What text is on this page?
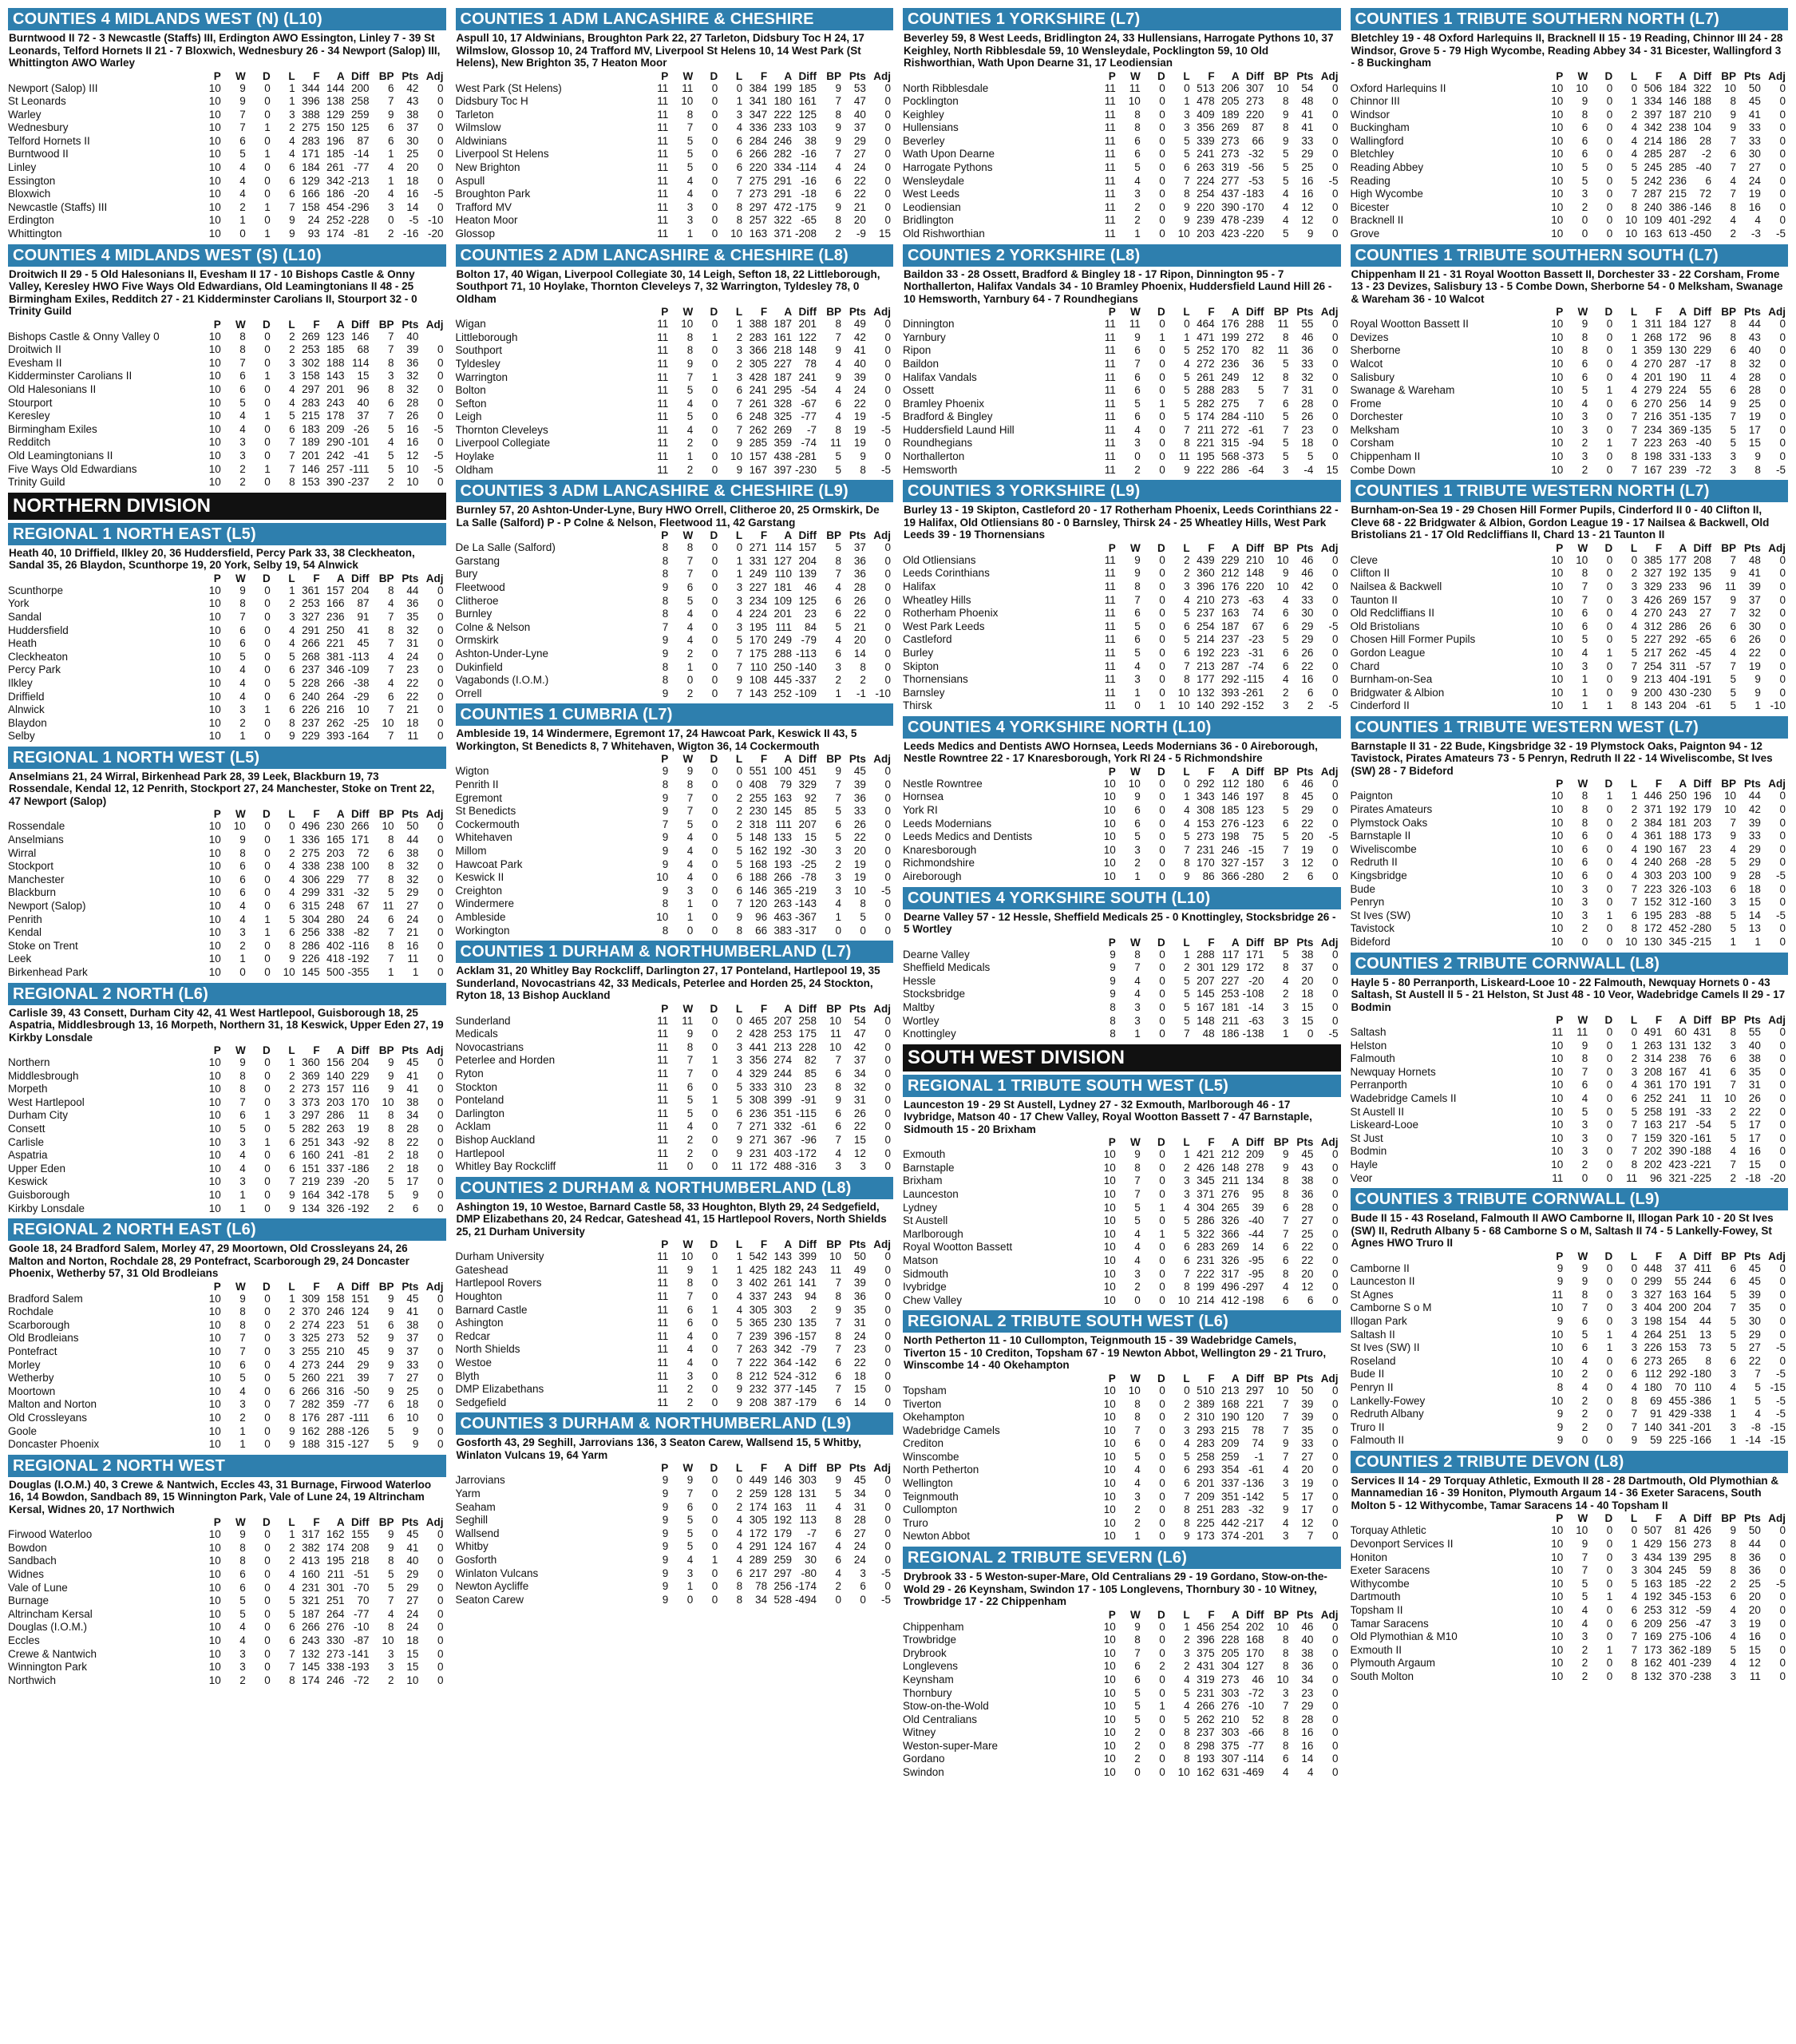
COUNTIES 4 MIDLANDS WEST (N) (L10)
Burntwood II 72 - 3 Newcastle (Staffs) III, Erdington AWO Essington, Linley 7 - 39 St Leonards, Telford Hornets II 21 - 7 Bloxwich, Wednesbury 26 - 34 Newport (Salop) III, Whittington AWO Warley
	P	W	D	L	F	A	Diff	BP	Pts	Adj
Newport (Salop) III	10	9	0	1	344	144	200	6	42	0
St Leonards	10	9	0	1	396	138	258	7	43	0
Warley	10	7	0	3	388	129	259	9	38	0
Wednesbury	10	7	1	2	275	150	125	6	37	0
Telford Hornets II	10	6	0	4	283	196	87	6	30	0
Burntwood II	10	5	1	4	171	185	-14	1	25	0
Linley	10	4	0	6	184	261	-77	4	20	0
Essington	10	4	0	6	129	342	-213	1	18	0
Bloxwich	10	4	0	6	166	186	-20	4	16	-5
Newcastle (Staffs) III	10	2	1	7	158	454	-296	3	14	0
Erdington	10	1	0	9	24	252	-228	0	-5	-10
Whittington	10	0	1	9	93	174	-81	2	-16	-20
COUNTIES 4 MIDLANDS WEST (S) (L10)
Droitwich II 29 - 5 Old Halesonians II, Evesham II 17 - 10 Bishops Castle & Onny Valley, Keresley HWO Five Ways Old Edwardians, Old Leamingtonians II 48 - 25 Birmingham Exiles, Redditch 27 - 21 Kidderminster Carolians II, Stourport 32 - 0 Trinity Guild
	P	W	D	L	F	A	Diff	BP	Pts	Adj
Bishops Castle & Onny Valley 0	10	8	0	2	269	123	146	7	40	
Droitwich II	10	8	0	2	253	185	68	7	39	0
Evesham II	10	7	0	3	302	188	114	8	36	0
Kidderminster Carolians II	10	6	1	3	158	143	15	3	32	0
Old Halesonians II	10	6	0	4	297	201	96	8	32	0
Stourport	10	5	0	4	283	243	40	6	28	0
Keresley	10	4	1	5	215	178	37	7	26	0
Birmingham Exiles	10	4	0	6	183	209	-26	5	16	-5
Redditch	10	3	0	7	189	290	-101	4	16	0
Old Leamingtonians II	10	3	0	7	201	242	-41	5	12	-5
Five Ways Old Edwardians	10	2	1	7	146	257	-111	5	10	-5
Trinity Guild	10	2	0	8	153	390	-237	2	10	0
NORTHERN DIVISION
REGIONAL 1 NORTH EAST (L5)
Heath 40, 10 Driffield, Ilkley 20, 36 Huddersfield, Percy Park 33, 38 Cleckheaton, Sandal 35, 26 Blaydon, Scunthorpe 19, 20 York, Selby 19, 54 Alnwick
	P	W	D	L	F	A	Diff	BP	Pts	Adj
Scunthorpe	10	9	0	1	361	157	204	8	44	0
York	10	8	0	2	253	166	87	4	36	0
Sandal	10	7	0	3	327	236	91	7	35	0
Huddersfield	10	6	0	4	291	250	41	8	32	0
Heath	10	6	0	4	266	221	45	7	31	0
Cleckheaton	10	5	0	5	268	381	-113	4	24	0
Percy Park	10	4	0	6	237	346	-109	7	23	0
Ilkley	10	4	0	5	228	266	-38	4	22	0
Driffield	10	4	0	6	240	264	-29	6	22	0
Alnwick	10	3	1	6	226	216	10	7	21	0
Blaydon	10	2	0	8	237	262	-25	10	18	0
Selby	10	1	0	9	229	393	-164	7	11	0
REGIONAL 1 NORTH WEST (L5)
Anselmians 21, 24 Wirral, Birkenhead Park 28, 39 Leek, Blackburn 19, 73 Rossendale, Kendal 12, 12 Penrith, Stockport 27, 24 Manchester, Stoke on Trent 22, 47 Newport (Salop)
	P	W	D	L	F	A	Diff	BP	Pts	Adj
Rossendale	10	10	0	0	496	230	266	10	50	0
Anselmians	10	9	0	1	336	165	171	8	44	0
Wirral	10	8	0	2	275	203	72	6	38	0
Stockport	10	6	0	4	338	238	100	8	32	0
Manchester	10	6	0	4	306	229	77	8	32	0
Blackburn	10	6	0	4	299	331	-32	5	29	0
Newport (Salop)	10	4	0	6	315	248	67	11	27	0
Penrith	10	4	1	5	304	280	24	6	24	0
Kendal	10	3	1	6	256	338	-82	7	21	0
Stoke on Trent	10	2	0	8	286	402	-116	8	16	0
Leek	10	1	0	9	226	418	-192	7	11	0
Birkenhead Park	10	0	0	10	145	500	-355	1	1	0
REGIONAL 2 NORTH (L6)
Carlisle 39, 43 Consett, Durham City 42, 41 West Hartlepool, Guisborough 18, 25 Aspatria, Middlesbrough 13, 16 Morpeth, Northern 31, 18 Keswick, Upper Eden 27, 19 Kirkby Lonsdale
	P	W	D	L	F	A	Diff	BP	Pts	Adj
Northern	10	9	0	1	360	156	204	9	45	0
Middlesbrough	10	8	0	2	369	140	229	9	41	0
Morpeth	10	8	0	2	273	157	116	9	41	0
West Hartlepool	10	7	0	3	373	203	170	10	38	0
Durham City	10	6	1	3	297	286	11	8	34	0
Consett	10	5	0	5	282	263	19	8	28	0
Carlisle	10	3	1	6	251	343	-92	8	22	0
Aspatria	10	4	0	6	160	241	-81	2	18	0
Upper Eden	10	4	0	6	151	337	-186	2	18	0
Keswick	10	3	0	7	219	239	-20	5	17	0
Guisborough	10	1	0	9	164	342	-178	5	9	0
Kirkby Lonsdale	10	1	0	9	134	326	-192	2	6	0
REGIONAL 2 NORTH EAST (L6)
Goole 18, 24 Bradford Salem, Morley 47, 29 Moortown, Old Crossleyans 24, 26 Malton and Norton, Rochdale 28, 29 Pontefract, Scarborough 29, 24 Doncaster Phoenix, Wetherby 57, 31 Old Brodleians
	P	W	D	L	F	A	Diff	BP	Pts	Adj
Bradford Salem	10	9	0	1	309	158	151	9	45	0
Rochdale	10	8	0	2	370	246	124	9	41	0
Scarborough	10	8	0	2	274	223	51	6	38	0
Old Brodleians	10	7	0	3	325	273	52	9	37	0
Pontefract	10	7	0	3	255	210	45	9	37	0
Morley	10	6	0	4	273	244	29	9	33	0
Wetherby	10	5	0	5	260	221	39	7	27	0
Moortown	10	4	0	6	266	316	-50	9	25	0
Malton and Norton	10	3	0	7	282	359	-77	6	18	0
Old Crossleyans	10	2	0	8	176	287	-111	6	10	0
Goole	10	1	0	9	162	288	-126	5	9	0
Doncaster Phoenix	10	1	0	9	188	315	-127	5	9	0
REGIONAL 2 NORTH WEST
Douglas (I.O.M.) 40, 3 Crewe & Nantwich, Eccles 43, 31 Burnage, Firwood Waterloo 16, 14 Bowdon, Sandbach 89, 15 Winnington Park, Vale of Lune 24, 19 Altrincham Kersal, Widnes 20, 17 Northwich
	P	W	D	L	F	A	Diff	BP	Pts	Adj
Firwood Waterloo	10	9	0	1	317	162	155	9	45	0
Bowdon	10	8	0	2	382	174	208	9	41	0
Sandbach	10	8	0	2	413	195	218	8	40	0
Widnes	10	6	0	4	160	211	-51	5	29	0
Vale of Lune	10	6	0	4	231	301	-70	5	29	0
Burnage	10	5	0	5	321	251	70	7	27	0
Altrincham Kersal	10	5	0	5	187	264	-77	4	24	0
Douglas (I.O.M.)	10	4	0	6	266	276	-10	8	24	0
Eccles	10	4	0	6	243	330	-87	10	18	0
Crewe & Nantwich	10	3	0	7	132	273	-141	3	15	0
Winnington Park	10	3	0	7	145	338	-193	3	15	0
Northwich	10	2	0	8	174	246	-72	2	10	0
COUNTIES 1 ADM LANCASHIRE & CHESHIRE
Aspull 10, 17 Aldwinians, Broughton Park 22, 27 Tarleton, Didsbury Toc H 24, 17 Wilmslow, Glossop 10, 24 Trafford MV, Liverpool St Helens 10, 14 West Park (St Helens), New Brighton 35, 7 Heaton Moor
	P	W	D	L	F	A	Diff	BP	Pts	Adj
West Park (St Helens)	11	11	0	0	384	199	185	9	53	0
Didsbury Toc H	11	10	0	1	341	180	161	7	47	0
Tarleton	11	8	0	3	347	222	125	8	40	0
Wilmslow	11	7	0	4	336	233	103	9	37	0
Aldwinians	11	5	0	6	284	246	38	9	29	0
Liverpool St Helens	11	5	0	6	266	282	-16	7	27	0
New Brighton	11	5	0	6	220	334	-114	4	24	0
Aspull	11	4	0	7	275	291	-16	6	22	0
Broughton Park	11	4	0	7	273	291	-18	6	22	0
Trafford MV	11	3	0	8	297	472	-175	9	21	0
Heaton Moor	11	3	0	8	257	322	-65	8	20	0
Glossop	11	1	0	10	163	371	-208	2	-9	15
COUNTIES 2 ADM LANCASHIRE & CHESHIRE (L8)
Bolton 17, 40 Wigan, Liverpool Collegiate 30, 14 Leigh, Sefton 18, 22 Littleborough, Southport 71, 10 Hoylake, Thornton Cleveleys 7, 32 Warrington, Tyldesley 78, 0 Oldham
	P	W	D	L	F	A	Diff	BP	Pts	Adj
Wigan	11	10	0	1	388	187	201	8	49	0
Littleborough	11	8	1	2	283	161	122	7	42	0
Southport	11	8	0	3	366	218	148	9	41	0
Tyldesley	11	9	0	2	305	227	78	4	40	0
Warrington	11	7	1	3	428	187	241	9	39	0
Bolton	11	5	0	6	241	295	-54	4	24	0
Sefton	11	4	0	7	261	328	-67	6	22	0
Leigh	11	5	0	6	248	325	-77	4	19	-5
Thornton Cleveleys	11	4	0	7	262	269	-7	8	19	-5
Liverpool Collegiate	11	2	0	9	285	359	-74	11	19	0
Hoylake	11	1	0	10	157	438	-281	5	9	0
Oldham	11	2	0	9	167	397	-230	5	8	-5
COUNTIES 3 ADM LANCASHIRE & CHESHIRE (L9)
Burnley 57, 20 Ashton-Under-Lyne, Bury HWO Orrell, Clitheroe 20, 25 Ormskirk, De La Salle (Salford) P - P Colne & Nelson, Fleetwood 11, 42 Garstang
	P	W	D	L	F	A	Diff	BP	Pts	Adj
De La Salle (Salford)	8	8	0	0	271	114	157	5	37	0
Garstang	8	7	0	1	331	127	204	8	36	0
Bury	8	7	0	1	249	110	139	7	36	0
Fleetwood	9	6	0	3	227	181	46	4	28	0
Clitheroe	8	5	0	3	234	109	125	6	26	0
Burnley	8	4	0	4	224	201	23	6	22	0
Colne & Nelson	7	4	0	3	195	111	84	5	21	0
Ormskirk	9	4	0	5	170	249	-79	4	20	0
Ashton-Under-Lyne	9	2	0	7	175	288	-113	6	14	0
Dukinfield	8	1	0	7	110	250	-140	3	8	0
Vagabonds (I.O.M.)	8	0	0	9	108	445	-337	2	2	0
Orrell	9	2	0	7	143	252	-109	1	-1	-10
COUNTIES 1 CUMBRIA (L7)
Ambleside 19, 14 Windermere, Egremont 17, 24 Hawcoat Park, Keswick II 43, 5 Workington, St Benedicts 8, 7 Whitehaven, Wigton 36, 14 Cockermouth
	P	W	D	L	F	A	Diff	BP	Pts	Adj
Wigton	9	9	0	0	551	100	451	9	45	0
Penrith II	8	8	0	0	408	79	329	7	39	0
Egremont	9	7	0	2	255	163	92	7	36	0
St Benedicts	9	7	0	2	230	145	85	5	33	0
Cockermouth	7	5	0	2	318	111	207	6	26	0
Whitehaven	9	4	0	5	148	133	15	5	22	0
Millom	9	4	0	5	162	192	-30	3	20	0
Hawcoat Park	9	4	0	5	168	193	-25	2	19	0
Keswick II	10	4	0	6	188	266	-78	3	19	0
Creighton	9	3	0	6	146	365	-219	3	10	-5
Windermere	8	1	0	7	120	263	-143	4	8	0
Ambleside	10	1	0	9	96	463	-367	1	5	0
Workington	8	0	0	8	66	383	-317	0	0	0
COUNTIES 1 DURHAM & NORTHUMBERLAND (L7)
Acklam 31, 20 Whitley Bay Rockcliff, Darlington 27, 17 Ponteland, Hartlepool 19, 35 Sunderland, Novocastrians 42, 33 Medicals, Peterlee and Horden 25, 24 Stockton, Ryton 18, 13 Bishop Auckland
	P	W	D	L	F	A	Diff	BP	Pts	Adj
Sunderland	11	11	0	0	465	207	258	10	54	0
Medicals	11	9	0	2	428	253	175	11	47	0
Novocastrians	11	8	0	3	441	213	228	10	42	0
Peterlee and Horden	11	7	1	3	356	274	82	7	37	0
Ryton	11	7	0	4	329	244	85	6	34	0
Stockton	11	6	0	5	333	310	23	8	32	0
Ponteland	11	5	1	5	308	399	-91	9	31	0
Darlington	11	5	0	6	236	351	-115	6	26	0
Acklam	11	4	0	7	271	332	-61	6	22	0
Bishop Auckland	11	2	0	9	271	367	-96	7	15	0
Hartlepool	11	2	0	9	231	403	-172	4	12	0
Whitley Bay Rockcliff	11	0	0	11	172	488	-316	3	3	0
COUNTIES 2 DURHAM & NORTHUMBERLAND (L8)
Ashington 19, 10 Westoe, Barnard Castle 58, 33 Houghton, Blyth 29, 24 Sedgefield, DMP Elizabethans 20, 24 Redcar, Gateshead 41, 15 Hartlepool Rovers, North Shields 25, 21 Durham University
	P	W	D	L	F	A	Diff	BP	Pts	Adj
Durham University	11	10	0	1	542	143	399	10	50	0
Gateshead	11	9	1	1	425	182	243	11	49	0
Hartlepool Rovers	11	8	0	3	402	261	141	7	39	0
Houghton	11	7	0	4	337	243	94	8	36	0
Barnard Castle	11	6	1	4	305	303	2	9	35	0
Ashington	11	6	0	5	365	230	135	7	31	0
Redcar	11	4	0	7	239	396	-157	8	24	0
North Shields	11	4	0	7	263	342	-79	7	23	0
Westoe	11	4	0	7	222	364	-142	6	22	0
Blyth	11	3	0	8	212	524	-312	6	18	0
DMP Elizabethans	11	2	0	9	232	377	-145	7	15	0
Sedgefield	11	2	0	9	208	387	-179	6	14	0
COUNTIES 3 DURHAM & NORTHUMBERLAND (L9)
Gosforth 43, 29 Seghill, Jarrovians 136, 3 Seaton Carew, Wallsend 15, 5 Whitby, Winlaton Vulcans 19, 64 Yarm
	P	W	D	L	F	A	Diff	BP	Pts	Adj
Jarrovians	9	9	0	0	449	146	303	9	45	0
Yarm	9	7	0	2	259	128	131	5	34	0
Seaham	9	6	0	2	174	163	11	4	31	0
Seghill	9	5	0	4	305	192	113	8	28	0
Wallsend	9	5	0	4	172	179	-7	6	27	0
Whitby	9	5	0	4	291	124	167	4	24	0
Gosforth	9	4	1	4	289	259	30	6	24	0
Winlaton Vulcans	9	3	0	6	217	297	-80	4	3	-5
Newton Aycliffe	9	1	0	8	78	256	-174	2	6	0
Seaton Carew	9	0	0	8	34	528	-494	0	0	-5
COUNTIES 1 YORKSHIRE (L7)
Beverley 59, 8 West Leeds, Bridlington 24, 33 Hullensians, Harrogate Pythons 10, 37 Keighley, North Ribblesdale 59, 10 Wensleydale, Pocklington 59, 10 Old Rishworthian, Wath Upon Dearne 31, 17 Leodiensian
	P	W	D	L	F	A	Diff	BP	Pts	Adj
North Ribblesdale	11	11	0	0	513	206	307	10	54	0
Pocklington	11	10	0	1	478	205	273	8	48	0
Keighley	11	8	0	3	409	189	220	9	41	0
Hullensians	11	8	0	3	356	269	87	8	41	0
Beverley	11	6	0	5	339	273	66	9	33	0
Wath Upon Dearne	11	6	0	5	241	273	-32	5	29	0
Harrogate Pythons	11	5	0	6	263	319	-56	5	25	0
Wensleydale	11	4	0	7	224	277	-53	5	16	-5
West Leeds	11	3	0	8	254	437	-183	4	16	0
Leodiensian	11	2	0	9	220	390	-170	4	12	0
Bridlington	11	2	0	9	239	478	-239	4	12	0
Old Rishworthian	11	1	0	10	203	423	-220	5	9	0
COUNTIES 2 YORKSHIRE (L8)
Baildon 33 - 28 Ossett, Bradford & Bingley 18 - 17 Ripon, Dinnington 95 - 7 Northallerton, Halifax Vandals 34 - 10 Bramley Phoenix, Huddersfield Laund Hill 26 - 10 Hemsworth, Yarnbury 64 - 7 Roundhegians
	P	W	D	L	F	A	Diff	BP	Pts	Adj
Dinnington	11	11	0	0	464	176	288	11	55	0
Yarnbury	11	9	1	1	471	199	272	8	46	0
Ripon	11	6	0	5	252	170	82	11	36	0
Baildon	11	7	0	4	272	236	36	5	33	0
Halifax Vandals	11	6	0	5	261	249	12	8	32	0
Ossett	11	6	0	5	288	283	5	7	31	0
Bramley Phoenix	11	5	1	5	282	275	7	6	28	0
Bradford & Bingley	11	6	0	5	174	284	-110	5	26	0
Huddersfield Laund Hill	11	4	0	7	211	272	-61	7	23	0
Roundhegians	11	3	0	8	221	315	-94	5	18	0
Northallerton	11	0	0	11	195	568	-373	5	5	0
Hemsworth	11	2	0	9	222	286	-64	3	-4	15
COUNTIES 3 YORKSHIRE (L9)
Burley 13 - 19 Skipton, Castleford 20 - 17 Rotherham Phoenix, Leeds Corinthians 22 - 19 Halifax, Old Otliensians 80 - 0 Barnsley, Thirsk 24 - 25 Wheatley Hills, West Park Leeds 39 - 19 Thornensians
	P	W	D	L	F	A	Diff	BP	Pts	Adj
Old Otliensians	11	9	0	2	439	229	210	10	46	0
Leeds Corinthians	11	9	0	2	360	212	148	9	46	0
Halifax	11	8	0	3	396	176	220	10	42	0
Wheatley Hills	11	7	0	4	210	273	-63	4	33	0
Rotherham Phoenix	11	6	0	5	237	163	74	6	30	0
West Park Leeds	11	5	0	6	254	187	67	6	29	-5
Castleford	11	6	0	5	214	237	-23	5	29	0
Burley	11	5	0	6	192	223	-31	6	26	0
Skipton	11	4	0	7	213	287	-74	6	22	0
Thornensians	11	3	0	8	177	292	-115	4	16	0
Barnsley	11	1	0	10	132	393	-261	2	6	0
Thirsk	11	0	1	10	140	292	-152	3	2	-5
COUNTIES 4 YORKSHIRE NORTH (L10)
Leeds Medics and Dentists AWO Hornsea, Leeds Modernians 36 - 0 Aireborough, Nestle Rowntree 22 - 17 Knaresborough, York RI 24 - 5 Richmondshire
	P	W	D	L	F	A	Diff	BP	Pts	Adj
Nestle Rowntree	10	10	0	0	292	112	180	6	46	0
Hornsea	10	9	0	1	343	146	197	8	45	0
York RI	10	6	0	4	308	185	123	5	29	0
Leeds Modernians	10	6	0	4	153	276	-123	6	22	0
Leeds Medics and Dentists	10	5	0	5	273	198	75	5	20	-5
Knaresborough	10	3	0	7	231	246	-15	7	19	0
Richmondshire	10	2	0	8	170	327	-157	3	12	0
Aireborough	10	1	0	9	86	366	-280	2	6	0
COUNTIES 4 YORKSHIRE SOUTH (L10)
Dearne Valley 57 - 12 Hessle, Sheffield Medicals 25 - 0 Knottingley, Stocksbridge 26 - 5 Wortley
	P	W	D	L	F	A	Diff	BP	Pts	Adj
Dearne Valley	9	8	0	1	288	117	171	5	38	0
Sheffield Medicals	9	7	0	2	301	129	172	8	37	0
Hessle	9	4	0	5	207	227	-20	4	20	0
Stocksbridge	9	4	0	5	145	253	-108	2	18	0
Maltby	8	3	0	5	167	181	-14	3	15	0
Wortley	8	3	0	5	148	211	-63	3	15	0
Knottingley	8	1	0	7	48	186	-138	1	0	-5
SOUTH WEST DIVISION
REGIONAL 1 TRIBUTE SOUTH WEST (L5)
Launceston 19 - 29 St Austell, Lydney 27 - 32 Exmouth, Marlborough 46 - 17 Ivybridge, Matson 40 - 17 Chew Valley, Royal Wootton Bassett 7 - 47 Barnstaple, Sidmouth 15 - 20 Brixham
	P	W	D	L	F	A	Diff	BP	Pts	Adj
Exmouth	10	9	0	1	421	212	209	9	45	0
Barnstaple	10	8	0	2	426	148	278	9	43	0
Brixham	10	7	0	3	345	211	134	8	38	0
Launceston	10	7	0	3	371	276	95	8	36	0
Lydney	10	5	1	4	304	265	39	6	28	0
St Austell	10	5	0	5	286	326	-40	7	27	0
Marlborough	10	4	1	5	322	366	-44	7	25	0
Royal Wootton Bassett	10	4	0	6	283	269	14	6	22	0
Matson	10	4	0	6	231	326	-95	6	22	0
Sidmouth	10	3	0	7	222	317	-95	8	20	0
Ivybridge	10	2	0	8	199	496	-297	4	12	0
Chew Valley	10	0	0	10	214	412	-198	6	6	0
REGIONAL 2 TRIBUTE SOUTH WEST (L6)
North Petherton 11 - 10 Cullompton, Teignmouth 15 - 39 Wadebridge Camels, Tiverton 15 - 10 Crediton, Topsham 67 - 19 Newton Abbot, Wellington 29 - 21 Truro, Winscombe 14 - 40 Okehampton
	P	W	D	L	F	A	Diff	BP	Pts	Adj
Topsham	10	10	0	0	510	213	297	10	50	0
Tiverton	10	8	0	2	389	168	221	7	39	0
Okehampton	10	8	0	2	310	190	120	7	39	0
Wadebridge Camels	10	7	0	3	293	215	78	7	35	0
Crediton	10	6	0	4	283	209	74	9	33	0
Winscombe	10	5	0	5	258	259	-1	7	27	0
North Petherton	10	4	0	6	293	354	-61	4	20	0
Wellington	10	4	0	6	201	337	-136	3	19	0
Teignmouth	10	3	0	7	209	351	-142	5	17	0
Cullompton	10	2	0	8	251	283	-32	9	17	0
Truro	10	2	0	8	225	442	-217	4	12	0
Newton Abbot	10	1	0	9	173	374	-201	3	7	0
REGIONAL 2 TRIBUTE SEVERN (L6)
Drybrook 33 - 5 Weston-super-Mare, Old Centralians 29 - 19 Gordano, Stow-on-the-Wold 29 - 26 Keynsham, Swindon 17 - 105 Longlevens, Thornbury 30 - 10 Witney, Trowbridge 17 - 22 Chippenham
	P	W	D	L	F	A	Diff	BP	Pts	Adj
Chippenham	10	9	0	1	456	254	202	10	46	0
Trowbridge	10	8	0	2	396	228	168	8	40	0
Drybrook	10	7	0	3	375	205	170	8	38	0
Longlevens	10	6	2	2	431	304	127	8	36	0
Keynsham	10	6	0	4	319	273	46	10	34	0
Thornbury	10	5	0	5	231	303	-72	3	23	0
Stow-on-the-Wold	10	5	1	4	266	276	-10	7	29	0
Old Centralians	10	5	0	5	262	210	52	8	28	0
Witney	10	2	0	8	237	303	-66	8	16	0
Weston-super-Mare	10	2	0	8	298	375	-77	8	16	0
Gordano	10	2	0	8	193	307	-114	6	14	0
Swindon	10	0	0	10	162	631	-469	4	4	0
COUNTIES 1 TRIBUTE SOUTHERN NORTH (L7)
Bletchley 19 - 48 Oxford Harlequins II, Bracknell II 15 - 19 Reading, Chinnor III 24 - 28 Windsor, Grove 5 - 79 High Wycombe, Reading Abbey 34 - 31 Bicester, Wallingford 3 - 8 Buckingham
	P	W	D	L	F	A	Diff	BP	Pts	Adj
Oxford Harlequins II	10	10	0	0	506	184	322	10	50	0
Chinnor III	10	9	0	1	334	146	188	8	45	0
Windsor	10	8	0	2	397	187	210	9	41	0
Buckingham	10	6	0	4	342	238	104	9	33	0
Wallingford	10	6	0	4	214	186	28	7	33	0
Bletchley	10	6	0	4	285	287	-2	6	30	0
Reading Abbey	10	5	0	5	245	285	-40	7	27	0
Reading	10	5	0	5	242	236	6	4	24	0
High Wycombe	10	3	0	7	287	215	72	7	19	0
Bicester	10	2	0	8	240	386	-146	8	16	0
Bracknell II	10	0	0	10	109	401	-292	4	4	0
Grove	10	0	0	10	163	613	-450	2	-3	-5
COUNTIES 1 TRIBUTE SOUTHERN SOUTH (L7)
Chippenham II 21 - 31 Royal Wootton Bassett II, Dorchester 33 - 22 Corsham, Frome 13 - 23 Devizes, Salisbury 13 - 5 Combe Down, Sherborne 54 - 0 Melksham, Swanage & Wareham 36 - 10 Walcot
	P	W	D	L	F	A	Diff	BP	Pts	Adj
Royal Wootton Bassett II	10	9	0	1	311	184	127	8	44	0
Devizes	10	8	0	1	268	172	96	8	43	0
Sherborne	10	8	0	1	359	130	229	6	40	0
Walcot	10	6	0	4	270	287	-17	8	32	0
Salisbury	10	6	0	4	201	190	11	4	28	0
Swanage & Wareham	10	5	1	4	279	224	55	6	28	0
Frome	10	4	0	6	270	256	14	9	25	0
Dorchester	10	3	0	7	216	351	-135	7	19	0
Melksham	10	3	0	7	234	369	-135	5	17	0
Corsham	10	2	1	7	223	263	-40	5	15	0
Chippenham II	10	3	0	8	198	331	-133	3	9	0
Combe Down	10	2	0	7	167	239	-72	3	8	-5
COUNTIES 1 TRIBUTE WESTERN NORTH (L7)
Burnham-on-Sea 19 - 29 Chosen Hill Former Pupils, Cinderford II 0 - 40 Clifton II, Cleve 68 - 22 Bridgwater & Albion, Gordon League 19 - 17 Nailsea & Backwell, Old Bristolians 21 - 17 Old Redcliffians II, Chard 13 - 21 Taunton II
	P	W	D	L	F	A	Diff	BP	Pts	Adj
Cleve	10	10	0	0	385	177	208	7	48	0
Clifton II	10	8	0	2	327	192	135	9	41	0
Nailsea & Backwell	10	7	0	3	329	233	96	11	39	0
Taunton II	10	7	0	3	426	269	157	9	37	0
Old Redcliffians II	10	6	0	4	270	243	27	7	32	0
Old Bristolians	10	6	0	4	312	286	26	6	30	0
Chosen Hill Former Pupils	10	5	0	5	227	292	-65	6	26	0
Gordon League	10	4	1	5	217	262	-45	4	22	0
Chard	10	3	0	7	254	311	-57	7	19	0
Burnham-on-Sea	10	1	0	9	213	404	-191	5	9	0
Bridgwater & Albion	10	1	0	9	200	430	-230	5	9	0
Cinderford II	10	1	1	8	143	204	-61	5	1	-10
COUNTIES 1 TRIBUTE WESTERN WEST (L7)
Barnstaple II 31 - 22 Bude, Kingsbridge 32 - 19 Plymstock Oaks, Paignton 94 - 12 Tavistock, Pirates Amateurs 73 - 5 Penryn, Redruth II 22 - 14 Wiveliscombe, St Ives (SW) 28 - 7 Bideford
	P	W	D	L	F	A	Diff	BP	Pts	Adj
Paignton	10	8	1	1	446	250	196	10	44	0
Pirates Amateurs	10	8	0	2	371	192	179	10	42	0
Plymstock Oaks	10	8	0	2	384	181	203	7	39	0
Barnstaple II	10	6	0	4	361	188	173	9	33	0
Wiveliscombe	10	6	0	4	190	167	23	4	29	0
Redruth II	10	6	0	4	240	268	-28	5	29	0
Kingsbridge	10	6	0	4	303	203	100	9	28	-5
Bude	10	3	0	7	223	326	-103	6	18	0
Penryn	10	3	0	7	152	312	-160	3	15	0
St Ives (SW)	10	3	1	6	195	283	-88	5	14	-5
Tavistock	10	2	0	8	172	452	-280	5	13	0
Bideford	10	0	0	10	130	345	-215	1	1	0
COUNTIES 2 TRIBUTE CORNWALL (L8)
Hayle 5 - 80 Perranporth, Liskeard-Looe 10 - 22 Falmouth, Newquay Hornets 0 - 43 Saltash, St Austell II 5 - 21 Helston, St Just 48 - 10 Veor, Wadebridge Camels II 29 - 17 Bodmin
	P	W	D	L	F	A	Diff	BP	Pts	Adj
Saltash	11	11	0	0	491	60	431	8	55	0
Helston	10	9	0	1	263	131	132	3	40	0
Falmouth	10	8	0	2	314	238	76	6	38	0
Newquay Hornets	10	7	0	3	208	167	41	6	35	0
Perranporth	10	6	0	4	361	170	191	7	31	0
Wadebridge Camels II	10	4	0	6	252	241	11	10	26	0
St Austell II	10	5	0	5	258	191	-33	2	22	0
Liskeard-Looe	10	3	0	7	163	217	-54	5	17	0
St Just	10	3	0	7	159	320	-161	5	17	0
Bodmin	10	3	0	7	202	390	-188	4	16	0
Hayle	10	2	0	8	202	423	-221	7	15	0
Veor	11	0	0	11	96	321	-225	2	-18	-20
COUNTIES 3 TRIBUTE CORNWALL (L9)
Bude II 15 - 43 Roseland, Falmouth II AWO Camborne II, Illogan Park 10 - 20 St Ives (SW) II, Redruth Albany 5 - 68 Camborne S o M, Saltash II 74 - 5 Lankelly-Fowey, St Agnes HWO Truro II
	P	W	D	L	F	A	Diff	BP	Pts	Adj
Camborne II	9	9	0	0	448	37	411	6	45	0
Launceston II	9	9	0	0	299	55	244	6	45	0
St Agnes	11	8	0	3	327	163	164	5	39	0
Camborne S o M	10	7	0	3	404	200	204	7	35	0
Illogan Park	9	6	0	3	198	154	44	5	30	0
Saltash II	10	5	1	4	264	251	13	5	29	0
St Ives (SW) II	10	6	1	3	226	153	73	5	27	-5
Roseland	10	4	0	6	273	265	8	6	22	0
Bude II	10	2	0	6	112	292	-180	3	7	-5
Penryn II	8	4	0	4	180	70	110	4	5	-15
Lankelly-Fowey	10	2	0	8	69	455	-386	1	5	-5
Redruth Albany	9	2	0	7	91	429	-338	1	4	-5
Truro II	9	2	0	7	140	341	-201	3	-8	-15
Falmouth II	9	0	0	9	59	225	-166	1	-14	-15
COUNTIES 2 TRIBUTE DEVON (L8)
Services II 14 - 29 Torquay Athletic, Exmouth II 28 - 28 Dartmouth, Old Plymothian & Mannamedian 16 - 39 Honiton, Plymouth Argaum 14 - 36 Exeter Saracens, South Molton 5 - 12 Withycombe, Tamar Saracens 14 - 40 Topsham II
	P	W	D	L	F	A	Diff	BP	Pts	Adj
Torquay Athletic	10	10	0	0	507	81	426	9	50	0
Devonport Services II	10	9	0	1	429	156	273	8	44	0
Honiton	10	7	0	3	434	139	295	8	36	0
Exeter Saracens	10	7	0	3	304	245	59	8	36	0
Withycombe	10	5	0	5	163	185	-22	2	25	-5
Dartmouth	10	5	1	4	192	345	-153	6	20	0
Topsham II	10	4	0	6	253	312	-59	4	20	0
Tamar Saracens	10	4	0	6	209	256	-47	3	19	0
Old Plymothian & M10	10	3	0	7	169	275	-106	4	16	0
Exmouth II	10	2	1	7	173	362	-189	5	15	0
Plymouth Argaum	10	2	0	8	162	401	-239	4	12	0
South Molton	10	2	0	8	132	370	-238	3	11	0
